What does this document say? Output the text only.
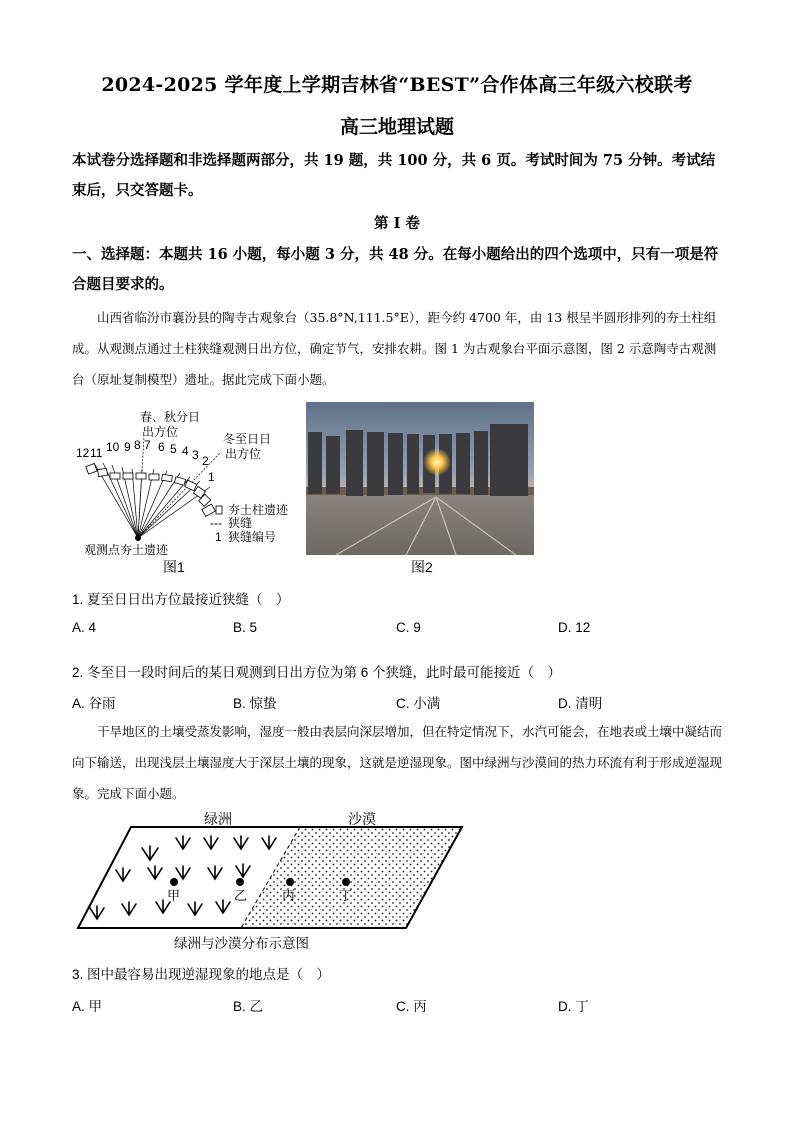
2024-2025 学年度上学期吉林省“BEST”合作体高三年级六校联考
高三地理试题
本试卷分选择题和非选择题两部分，共 19 题，共 100 分，共 6 页。考试时间为 75 分钟。考试结束后，只交答题卡。
第 I 卷
一、选择题：本题共 16 小题，每小题 3 分，共 48 分。在每小题给出的四个选项中，只有一项是符合题目要求的。
山西省临汾市襄汾县的陶寺古观象台（35.8°N,111.5°E），距今约 4700 年，由 13 根呈半圆形排列的夯土柱组成。从观测点通过土柱狭缝观测日出方位，确定节气，安排农耕。图 1 为古观象台平面示意图，图 2 示意陶寺古观测台（原址复制模型）遗址。据此完成下面小题。
12 11 10 9 8 7 6 5 4 3 2
1
春、秋分日
出方位	冬至日日
出方位
夯土柱遗迹
--- 狭缝
1 狭缝编号
观测点夯土遗迹
图1	图2
1. 夏至日日出方位最接近狭缝（　）
A. 4	B. 5	C. 9	D. 12
2. 冬至日一段时间后的某日观测到日出方位为第 6 个狭缝，此时最可能接近（　）
A. 谷雨	B. 惊蛰	C. 小满	D. 清明
干旱地区的土壤受蒸发影响，湿度一般由表层向深层增加，但在特定情况下，水汽可能会，在地表或土壤中凝结而向下输送，出现浅层土壤湿度大于深层土壤的现象，这就是逆湿现象。图中绿洲与沙漠间的热力环流有利于形成逆湿现象。完成下面小题。
绿洲	沙漠
甲	乙	丙	丁
绿洲与沙漠分布示意图
3. 图中最容易出现逆湿现象的地点是（　）
A. 甲	B. 乙	C. 丙	D. 丁
